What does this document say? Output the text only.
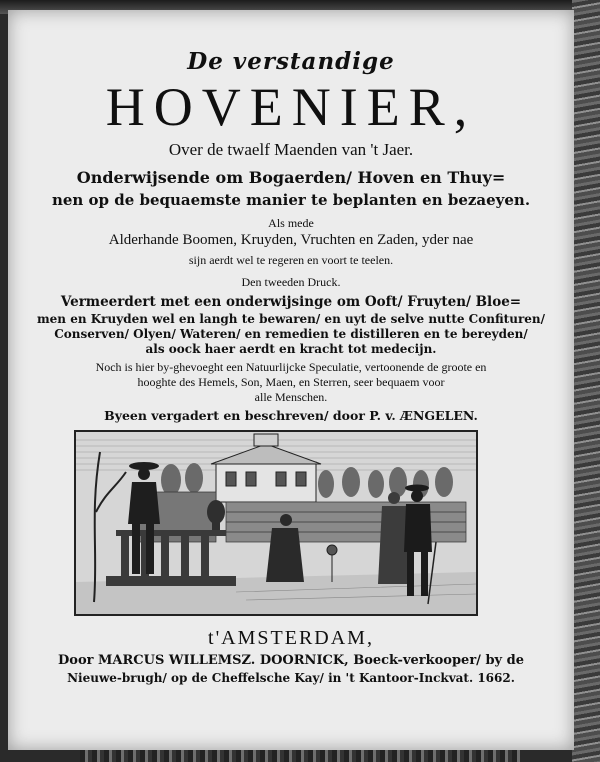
De verstandige
HOVENIER,
Over de twaelf Maenden van 't Jaer.
Onderwijsende om Bogaerden/ Hoven en Thuy=
nen op de bequaemste manier te beplanten en bezaeyen.
Als mede
Alderhande Boomen, Kruyden, Vruchten en Zaden, yder nae
sijn aerdt wel te regeren en voort te teelen.
Den tweeden Druck.
Vermeerdert met een onderwijsinge om Ooft/ Fruyten/ Bloe=
men en Kruyden wel en langh te bewaren/ en uyt de selve nutte Confituren/
Conserven/ Olyen/ Wateren/ en remedien te distilleren en te bereyden/
als oock haer aerdt en kracht tot medecijn.
Noch is hier by-ghevoeght een Natuurlijcke Speculatie, vertoonende de groote en
hooghte des Hemels, Son, Maen, en Sterren, seer bequaem voor
alle Menschen.
Byeen vergadert en beschreven/ door P. v. ÆNGELEN.
t'AMSTERDAM,
Door MARCUS WILLEMSZ. DOORNICK, Boeck-verkooper/ by de
Nieuwe-brugh/ op de Cheffelsche Kay/ in 't Kantoor-Inckvat. 1662.
